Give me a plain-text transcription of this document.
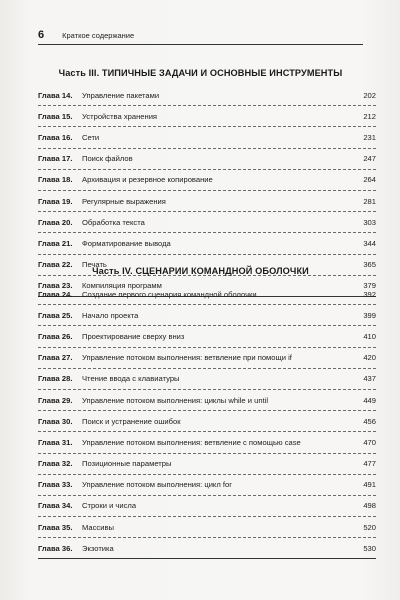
6 Краткое содержание
Часть III. ТИПИЧНЫЕ ЗАДАЧИ И ОСНОВНЫЕ ИНСТРУМЕНТЫ
Глава 14.	Управление пакетами	202
Глава 15.	Устройства хранения	212
Глава 16.	Сети	231
Глава 17.	Поиск файлов	247
Глава 18.	Архивация и резервное копирование	264
Глава 19.	Регулярные выражения	281
Глава 20.	Обработка текста	303
Глава 21.	Форматирование вывода	344
Глава 22.	Печать	365
Глава 23.	Компиляция программ	379
Часть IV. СЦЕНАРИИ КОМАНДНОЙ ОБОЛОЧКИ
Глава 24.	Создание первого сценария командной оболочки	392
Глава 25.	Начало проекта	399
Глава 26.	Проектирование сверху вниз	410
Глава 27.	Управление потоком выполнения: ветвление при помощи if	420
Глава 28.	Чтение ввода с клавиатуры	437
Глава 29.	Управление потоком выполнения: циклы while и until	449
Глава 30.	Поиск и устранение ошибок	456
Глава 31.	Управление потоком выполнения: ветвление с помощью case	470
Глава 32.	Позиционные параметры	477
Глава 33.	Управление потоком выполнения: цикл for	491
Глава 34.	Строки и числа	498
Глава 35.	Массивы	520
Глава 36.	Экзотика	530
